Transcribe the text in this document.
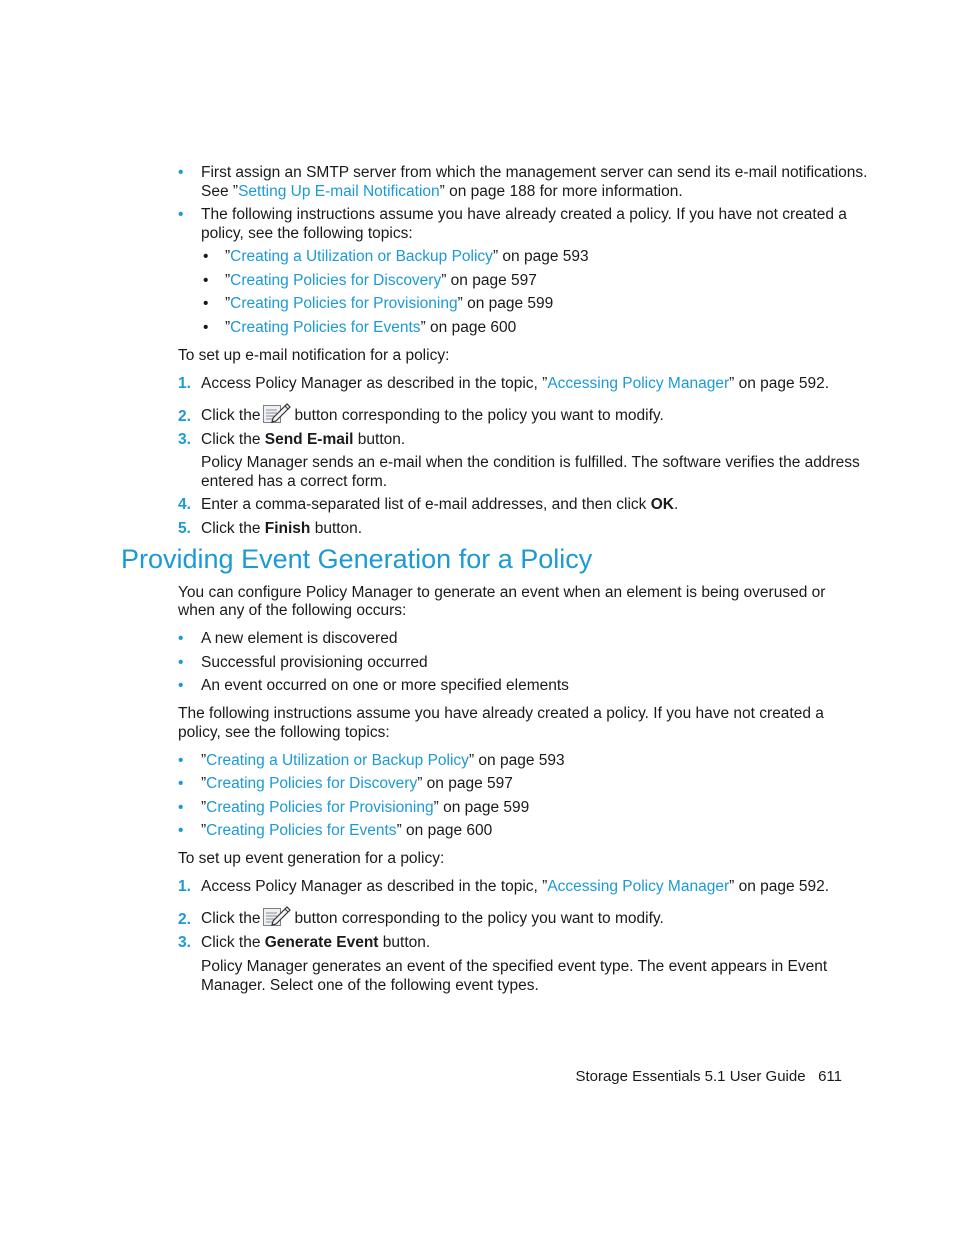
• First assign an SMTP server from which the management server can send its e-mail notifications.
See ”Setting Up E-mail Notification” on page 188 for more information.
• The following instructions assume you have already created a policy. If you have not created a
policy, see the following topics:
• ”Creating a Utilization or Backup Policy” on page 593
• ”Creating Policies for Discovery” on page 597
• ”Creating Policies for Provisioning” on page 599
• ”Creating Policies for Events” on page 600
To set up e-mail notification for a policy:
1. Access Policy Manager as described in the topic, ”Accessing Policy Manager” on page 592.
2. Click the button corresponding to the policy you want to modify.
3. Click the Send E-mail button.
Policy Manager sends an e-mail when the condition is fulfilled. The software verifies the address
entered has a correct form.
4. Enter a comma-separated list of e-mail addresses, and then click OK.
5. Click the Finish button.
Providing Event Generation for a Policy
You can configure Policy Manager to generate an event when an element is being overused or
when any of the following occurs:
• A new element is discovered
• Successful provisioning occurred
• An event occurred on one or more specified elements
The following instructions assume you have already created a policy. If you have not created a
policy, see the following topics:
• ”Creating a Utilization or Backup Policy” on page 593
• ”Creating Policies for Discovery” on page 597
• ”Creating Policies for Provisioning” on page 599
• ”Creating Policies for Events” on page 600
To set up event generation for a policy:
1. Access Policy Manager as described in the topic, ”Accessing Policy Manager” on page 592.
2. Click the button corresponding to the policy you want to modify.
3. Click the Generate Event button.
Policy Manager generates an event of the specified event type. The event appears in Event
Manager. Select one of the following event types.
Storage Essentials 5.1 User Guide 611
